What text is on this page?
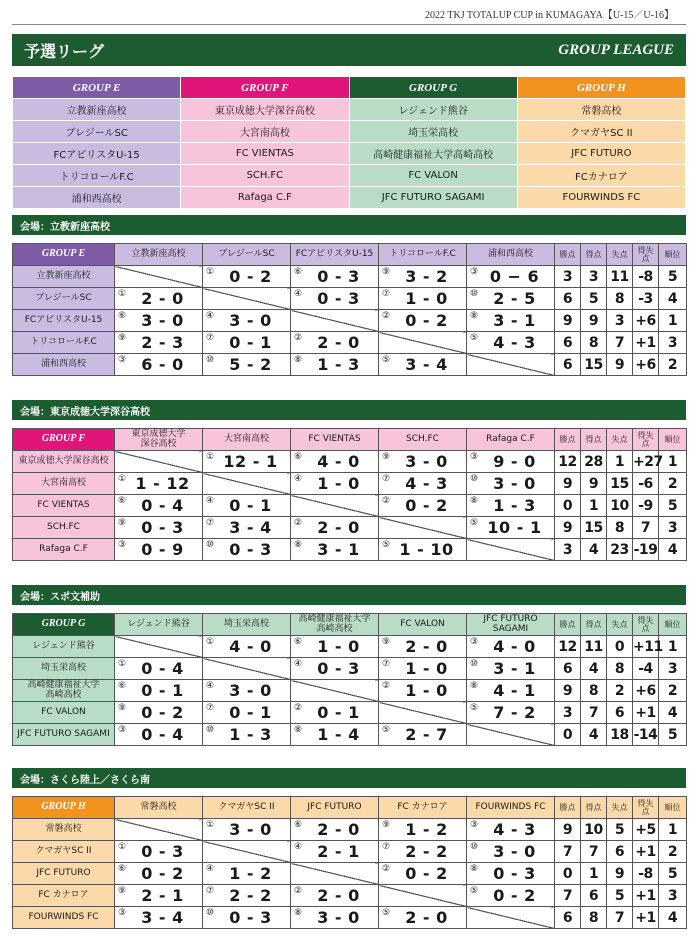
2022 TKJ TOTALUP CUP in KUMAGAYA【U-15／U-16】
予選リーグ	GROUP LEAGUE
GROUP E	GROUP F	GROUP G	GROUP H
立教新座高校	東京成徳大学深谷高校	レジェンド熊谷	常磐高校
ブレジールSC	大宮南高校	埼玉栄高校	クマガヤSC II
FCアピリスタU-15	FC VIENTAS	高崎健康福祉大学高崎高校	JFC FUTURO
トリコロールF.C	SCH.FC	FC VALON	FCカナロア
浦和西高校	Rafaga C.F	JFC FUTURO SAGAMI	FOURWINDS FC
会場：立教新座高校
GROUP E	立教新座高校	ブレジールSC	FCアピリスタU-15	トリコロールF.C	浦和西高校	勝点	得点	失点	得失点	順位
立教新座高校		① 0 - 2	⑥ 0 - 3	⑨ 3 - 2	③ 0 − 6	3	3	11	-8	5
ブレジールSC	① 2 - 0		④ 0 - 3	⑦ 1 - 0	⑩ 2 - 5	6	5	8	-3	4
FCアピリスタU-15	⑥ 3 - 0	④ 3 - 0		② 0 - 2	⑧ 3 - 1	9	9	3	+6	1
トリコロールF.C	⑨ 2 - 3	⑦ 0 - 1	② 2 - 0		⑤ 4 - 3	6	8	7	+1	3
浦和西高校	③ 6 - 0	⑩ 5 - 2	⑧ 1 - 3	⑤ 3 - 4		6	15	9	+6	2
会場：東京成徳大学深谷高校
GROUP F	東京成徳大学
深谷高校	大宮南高校	FC VIENTAS	SCH.FC	Rafaga C.F	勝点	得点	失点	得失点	順位
東京成徳大学深谷高校		① 12 - 1	⑥ 4 - 0	⑨ 3 - 0	③ 9 - 0	12	28	1	+27	1
大宮南高校	① 1 - 12		④ 1 - 0	⑦ 4 - 3	⑩ 3 - 0	9	9	15	-6	2
FC VIENTAS	⑥ 0 - 4	④ 0 - 1		② 0 - 2	⑧ 1 - 3	0	1	10	-9	5
SCH.FC	⑨ 0 - 3	⑦ 3 - 4	② 2 - 0		⑤ 10 - 1	9	15	8	7	3
Rafaga C.F	③ 0 - 9	⑩ 0 - 3	⑧ 3 - 1	⑤ 1 - 10		3	4	23	-19	4
会場：スポ文補助
GROUP G	レジェンド熊谷	埼玉栄高校	高崎健康福祉大学
高崎高校	FC VALON	JFC FUTURO
SAGAMI	勝点	得点	失点	得失点	順位
レジェンド熊谷		① 4 - 0	⑥ 1 - 0	⑨ 2 - 0	③ 4 - 0	12	11	0	+11	1
埼玉栄高校	① 0 - 4		④ 0 - 3	⑦ 1 - 0	⑩ 3 - 1	6	4	8	-4	3
高崎健康福祉大学
高崎高校	⑥ 0 - 1	④ 3 - 0		② 1 - 0	⑧ 4 - 1	9	8	2	+6	2
FC VALON	⑨ 0 - 2	⑦ 0 - 1	② 0 - 1		⑤ 7 - 2	3	7	6	+1	4
JFC FUTURO SAGAMI	③ 0 - 4	⑩ 1 - 3	⑧ 1 - 4	⑤ 2 - 7		0	4	18	-14	5
会場：さくら陸上／さくら南
GROUP H	常磐高校	クマガヤSC II	JFC FUTURO	FC カナロア	FOURWINDS FC	勝点	得点	失点	得失点	順位
常磐高校		① 3 - 0	⑥ 2 - 0	⑨ 1 - 2	③ 4 - 3	9	10	5	+5	1
クマガヤSC II	① 0 - 3		④ 2 - 1	⑦ 2 - 2	⑩ 3 - 0	7	7	6	+1	2
JFC FUTURO	⑥ 0 - 2	④ 1 - 2		② 0 - 2	⑧ 0 - 3	0	1	9	-8	5
FC カナロア	⑨ 2 - 1	⑦ 2 - 2	② 2 - 0		⑤ 0 - 2	7	6	5	+1	3
FOURWINDS FC	③ 3 - 4	⑩ 0 - 3	⑧ 3 - 0	⑤ 2 - 0		6	8	7	+1	4
